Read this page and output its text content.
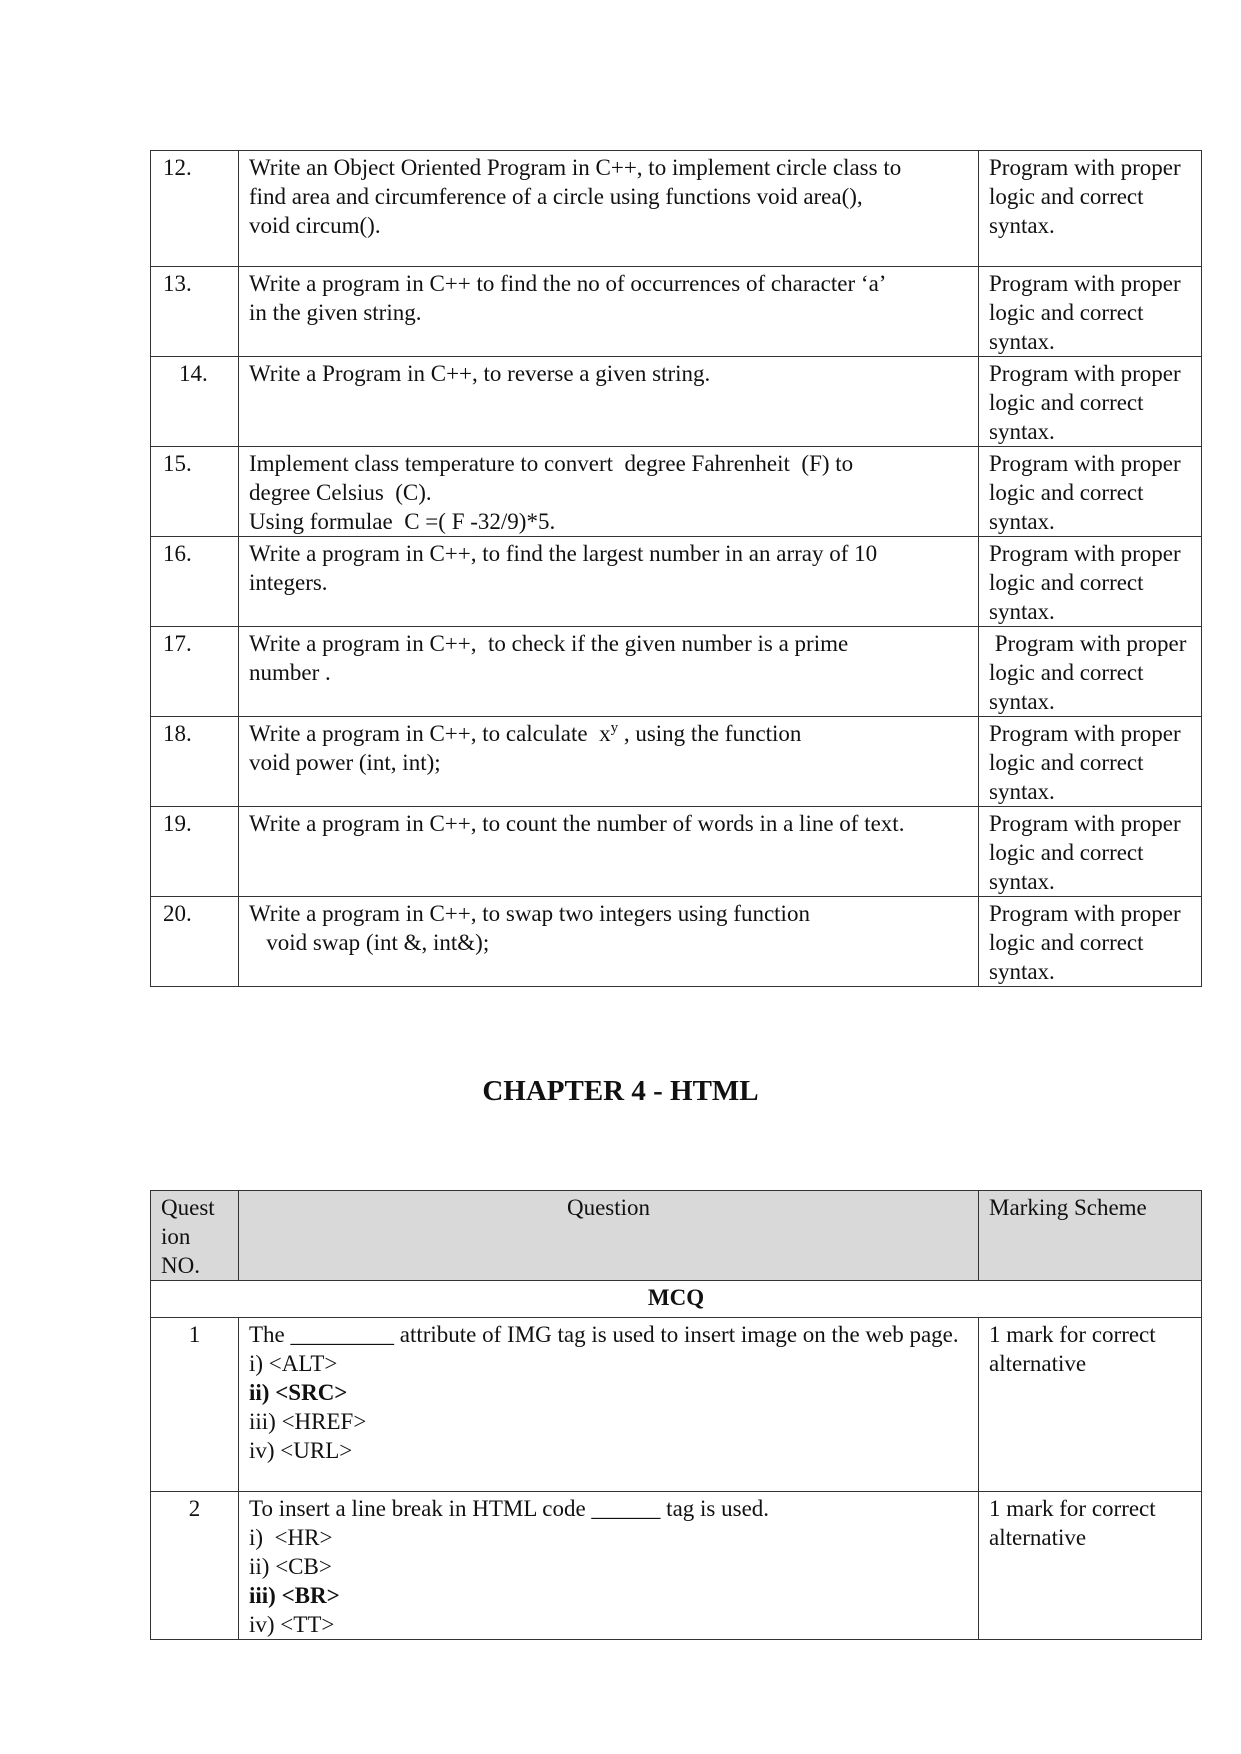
12.	Write an Object Oriented Program in C++, to implement circle class to
find area and circumference of a circle using functions void area(),
void circum().	Program with proper logic and correct syntax.
13.	Write a program in C++ to find the no of occurrences of character ‘a’
in the given string.	Program with proper logic and correct syntax.
14.	Write a Program in C++, to reverse a given string.	Program with proper logic and correct syntax.
15.	Implement class temperature to convert  degree Fahrenheit  (F) to
degree Celsius  (C).
Using formulae  C =( F -32/9)*5.	Program with proper logic and correct syntax.
16.	Write a program in C++, to find the largest number in an array of 10
integers.	Program with proper logic and correct syntax.
17.	Write a program in C++,  to check if the given number is a prime
number .	Program with proper logic and correct syntax.
18.	Write a program in C++, to calculate  $x^y$ , using the function
void power (int, int);	Program with proper logic and correct syntax.
19.	Write a program in C++, to count the number of words in a line of text.	Program with proper logic and correct syntax.
20.	Write a program in C++, to swap two integers using function
void swap (int &, int&);	Program with proper logic and correct syntax.
CHAPTER 4 - HTML
Quest ion NO.	Question	Marking Scheme
MCQ		
1	The _________ attribute of IMG tag is used to insert image on the web page.
i) <ALT>
ii) <SRC>
iii) <HREF>
iv) <URL>	1 mark for correct alternative
2	To insert a line break in HTML code ______ tag is used.
i)  <HR>
ii) <CB>
iii) <BR>
iv) <TT>	1 mark for correct alternative
